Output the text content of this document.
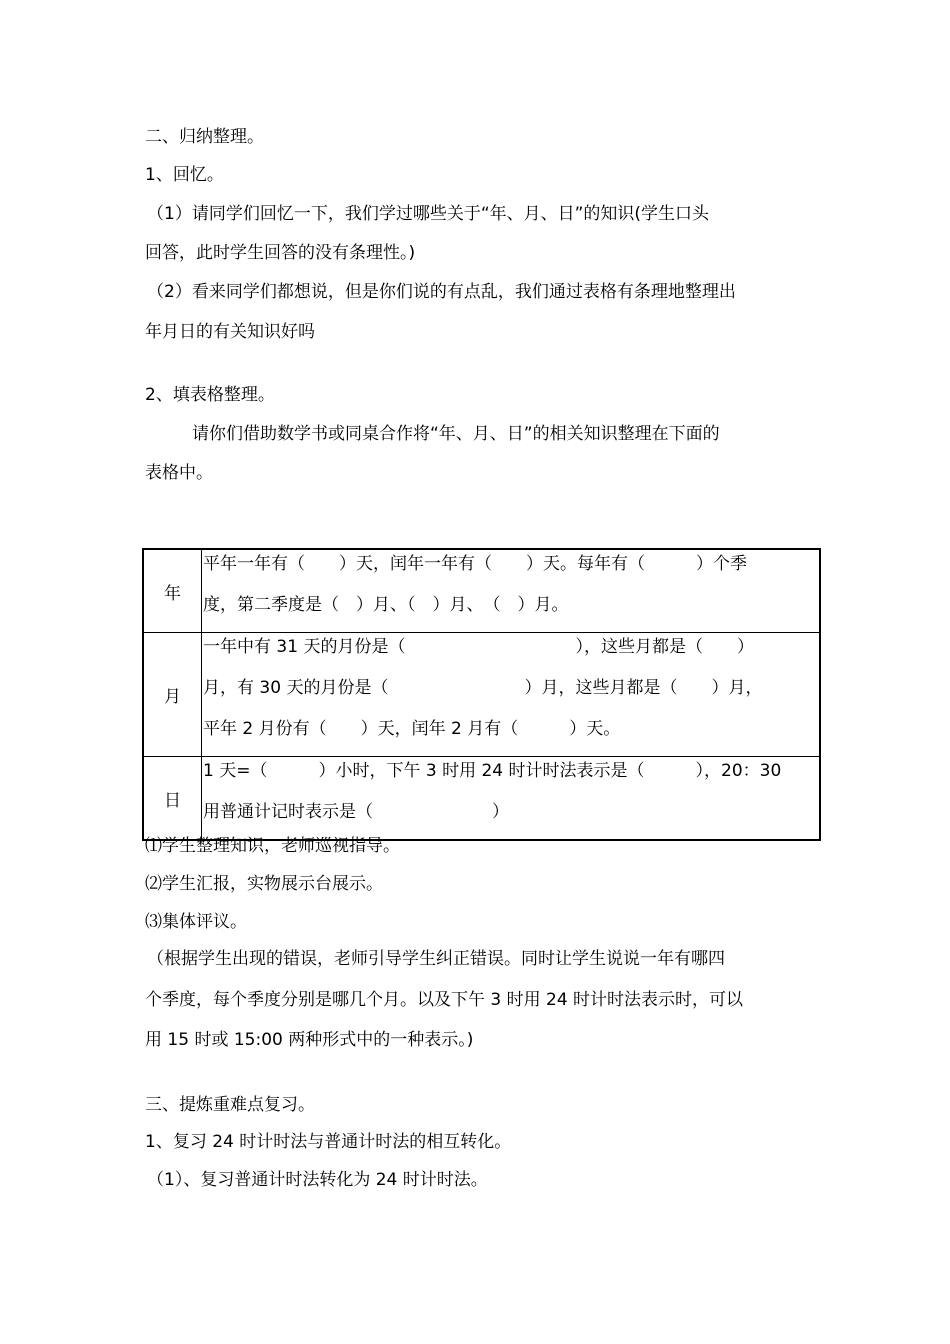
二、归纳整理。
1、回忆。
（1）请同学们回忆一下，我们学过哪些关于“年、月、日”的知识(学生口头
回答，此时学生回答的没有条理性。)
（2）看来同学们都想说，但是你们说的有点乱，我们通过表格有条理地整理出
年月日的有关知识好吗
2、填表格整理。
请你们借助数学书或同桌合作将“年、月、日”的相关知识整理在下面的
表格中。
年	平年一年有（　　）天，闰年一年有（　　）天。每年有（　　　）个季
度，第二季度是（　）月、（　）月、　（　）月。

月	一年中有 31 天的月份是（　　　　　　　　　　），这些月都是（　　）
月，有 30 天的月份是（　　　　　　　　）月，这些月都是（　　）月，
平年 2 月份有（　　）天，闰年 2 月有（　　　）天。

日	1 天=（　　　）小时，下午 3 时用 24 时计时法表示是（　　　），20：30
用普通计记时表示是（　　　　　　　）
⑴学生整理知识，老师巡视指导。
⑵学生汇报，实物展示台展示。
⑶集体评议。
（根据学生出现的错误，老师引导学生纠正错误。同时让学生说说一年有哪四
个季度，每个季度分别是哪几个月。以及下午 3 时用 24 时计时法表示时，可以
用 15 时或 15:00 两种形式中的一种表示。)
三、提炼重难点复习。
1、复习 24 时计时法与普通计时法的相互转化。
（1）、复习普通计时法转化为 24 时计时法。
